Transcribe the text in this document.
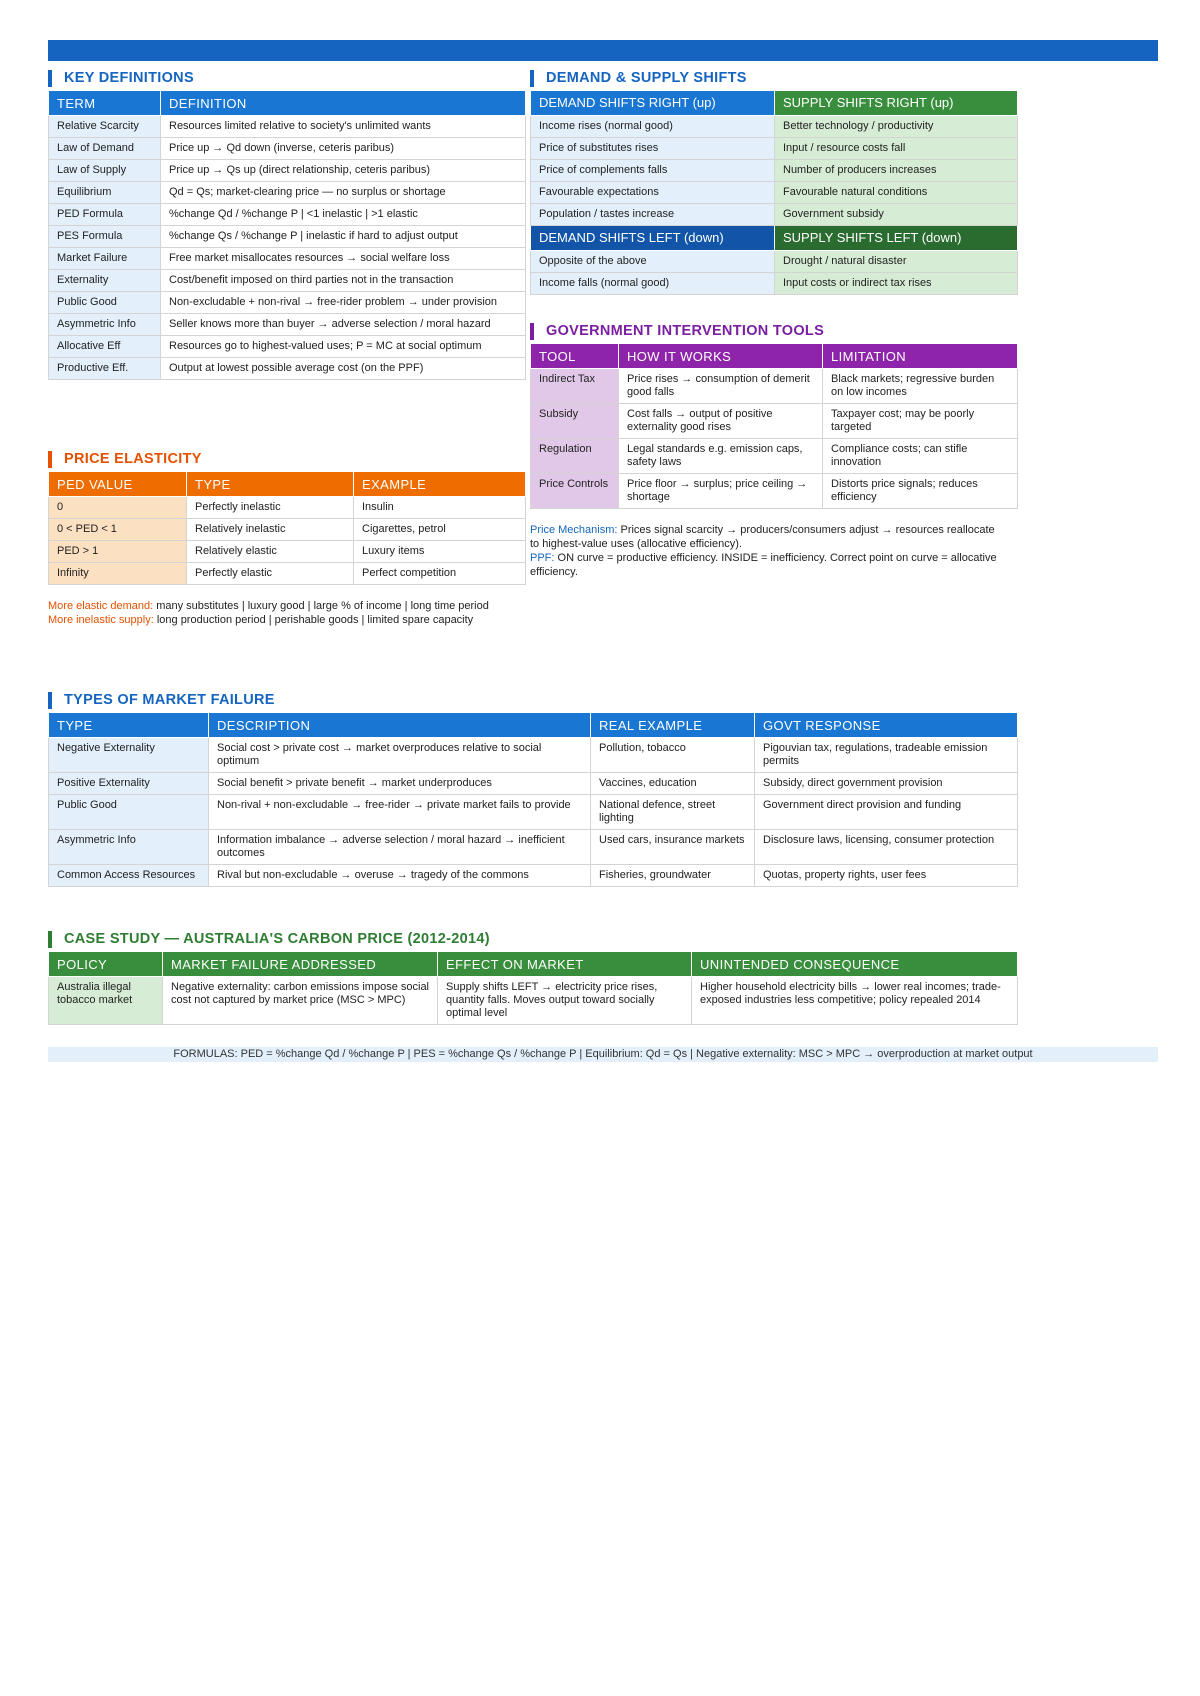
KEY DEFINITIONS
TERM	DEFINITION
Relative Scarcity	Resources limited relative to society's unlimited wants
Law of Demand	Price up → Qd down (inverse, ceteris paribus)
Law of Supply	Price up → Qs up (direct relationship, ceteris paribus)
Equilibrium	Qd = Qs; market-clearing price — no surplus or shortage
PED Formula	%change Qd / %change P | <1 inelastic | >1 elastic
PES Formula	%change Qs / %change P | inelastic if hard to adjust output
Market Failure	Free market misallocates resources → social welfare loss
Externality	Cost/benefit imposed on third parties not in the transaction
Public Good	Non-excludable + non-rival → free-rider problem → under provision
Asymmetric Info	Seller knows more than buyer → adverse selection / moral hazard
Allocative Eff	Resources go to highest-valued uses; P = MC at social optimum
Productive Eff.	Output at lowest possible average cost (on the PPF)
PRICE ELASTICITY
PED VALUE	TYPE	EXAMPLE
0	Perfectly inelastic	Insulin
0 < PED < 1	Relatively inelastic	Cigarettes, petrol
PED > 1	Relatively elastic	Luxury items
Infinity	Perfectly elastic	Perfect competition
More elastic demand: many substitutes | luxury good | large % of income | long time period
More inelastic supply: long production period | perishable goods | limited spare capacity
DEMAND & SUPPLY SHIFTS
DEMAND SHIFTS RIGHT (up)	SUPPLY SHIFTS RIGHT (up)
Income rises (normal good)	Better technology / productivity
Price of substitutes rises	Input / resource costs fall
Price of complements falls	Number of producers increases
Favourable expectations	Favourable natural conditions
Population / tastes increase	Government subsidy
DEMAND SHIFTS LEFT (down)	SUPPLY SHIFTS LEFT (down)
Opposite of the above	Drought / natural disaster
Income falls (normal good)	Input costs or indirect tax rises
GOVERNMENT INTERVENTION TOOLS
TOOL	HOW IT WORKS	LIMITATION
Indirect Tax	Price rises → consumption of demerit good falls	Black markets; regressive burden on low incomes
Subsidy	Cost falls → output of positive externality good rises	Taxpayer cost; may be poorly targeted
Regulation	Legal standards e.g. emission caps, safety laws	Compliance costs; can stifle innovation
Price Controls	Price floor → surplus; price ceiling → shortage	Distorts price signals; reduces efficiency
Price Mechanism: Prices signal scarcity → producers/consumers adjust → resources reallocate to highest-value uses (allocative efficiency).
PPF: ON curve = productive efficiency. INSIDE = inefficiency. Correct point on curve = allocative efficiency.
TYPES OF MARKET FAILURE
TYPE	DESCRIPTION	REAL EXAMPLE	GOVT RESPONSE
Negative Externality	Social cost > private cost → market overproduces relative to social optimum	Pollution, tobacco	Pigouvian tax, regulations, tradeable emission permits
Positive Externality	Social benefit > private benefit → market underproduces	Vaccines, education	Subsidy, direct government provision
Public Good	Non-rival + non-excludable → free-rider → private market fails to provide	National defence, street lighting	Government direct provision and funding
Asymmetric Info	Information imbalance → adverse selection / moral hazard → inefficient outcomes	Used cars, insurance markets	Disclosure laws, licensing, consumer protection
Common Access Resources	Rival but non-excludable → overuse → tragedy of the commons	Fisheries, groundwater	Quotas, property rights, user fees
CASE STUDY — AUSTRALIA'S CARBON PRICE (2012-2014)
POLICY	MARKET FAILURE ADDRESSED	EFFECT ON MARKET	UNINTENDED CONSEQUENCE
Australia illegal tobacco market	Negative externality: carbon emissions impose social cost not captured by market price (MSC > MPC)	Supply shifts LEFT → electricity price rises, quantity falls. Moves output toward socially optimal level	Higher household electricity bills → lower real incomes; trade-exposed industries less competitive; policy repealed 2014
FORMULAS: PED = %change Qd / %change P | PES = %change Qs / %change P | Equilibrium: Qd = Qs | Negative externality: MSC > MPC → overproduction at market output
